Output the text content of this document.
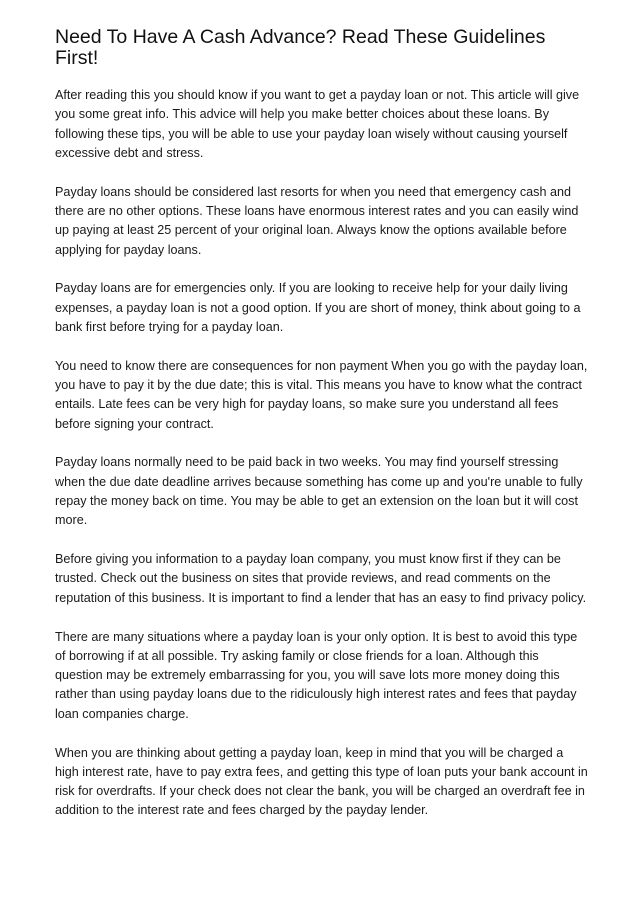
Need To Have A Cash Advance? Read These Guidelines First!

After reading this you should know if you want to get a payday loan or not. This article will give you some great info. This advice will help you make better choices about these loans. By following these tips, you will be able to use your payday loan wisely without causing yourself excessive debt and stress.

Payday loans should be considered last resorts for when you need that emergency cash and there are no other options. These loans have enormous interest rates and you can easily wind up paying at least 25 percent of your original loan. Always know the options available before applying for payday loans.

Payday loans are for emergencies only. If you are looking to receive help for your daily living expenses, a payday loan is not a good option. If you are short of money, think about going to a bank first before trying for a payday loan.

You need to know there are consequences for non payment When you go with the payday loan, you have to pay it by the due date; this is vital. This means you have to know what the contract entails. Late fees can be very high for payday loans, so make sure you understand all fees before signing your contract.

Payday loans normally need to be paid back in two weeks. You may find yourself stressing when the due date deadline arrives because something has come up and you're unable to fully repay the money back on time. You may be able to get an extension on the loan but it will cost more.

Before giving you information to a payday loan company, you must know first if they can be trusted. Check out the business on sites that provide reviews, and read comments on the reputation of this business. It is important to find a lender that has an easy to find privacy policy.

There are many situations where a payday loan is your only option. It is best to avoid this type of borrowing if at all possible. Try asking family or close friends for a loan. Although this question may be extremely embarrassing for you, you will save lots more money doing this rather than using payday loans due to the ridiculously high interest rates and fees that payday loan companies charge.

When you are thinking about getting a payday loan, keep in mind that you will be charged a high interest rate, have to pay extra fees, and getting this type of loan puts your bank account in risk for overdrafts. If your check does not clear the bank, you will be charged an overdraft fee in addition to the interest rate and fees charged by the payday lender.
